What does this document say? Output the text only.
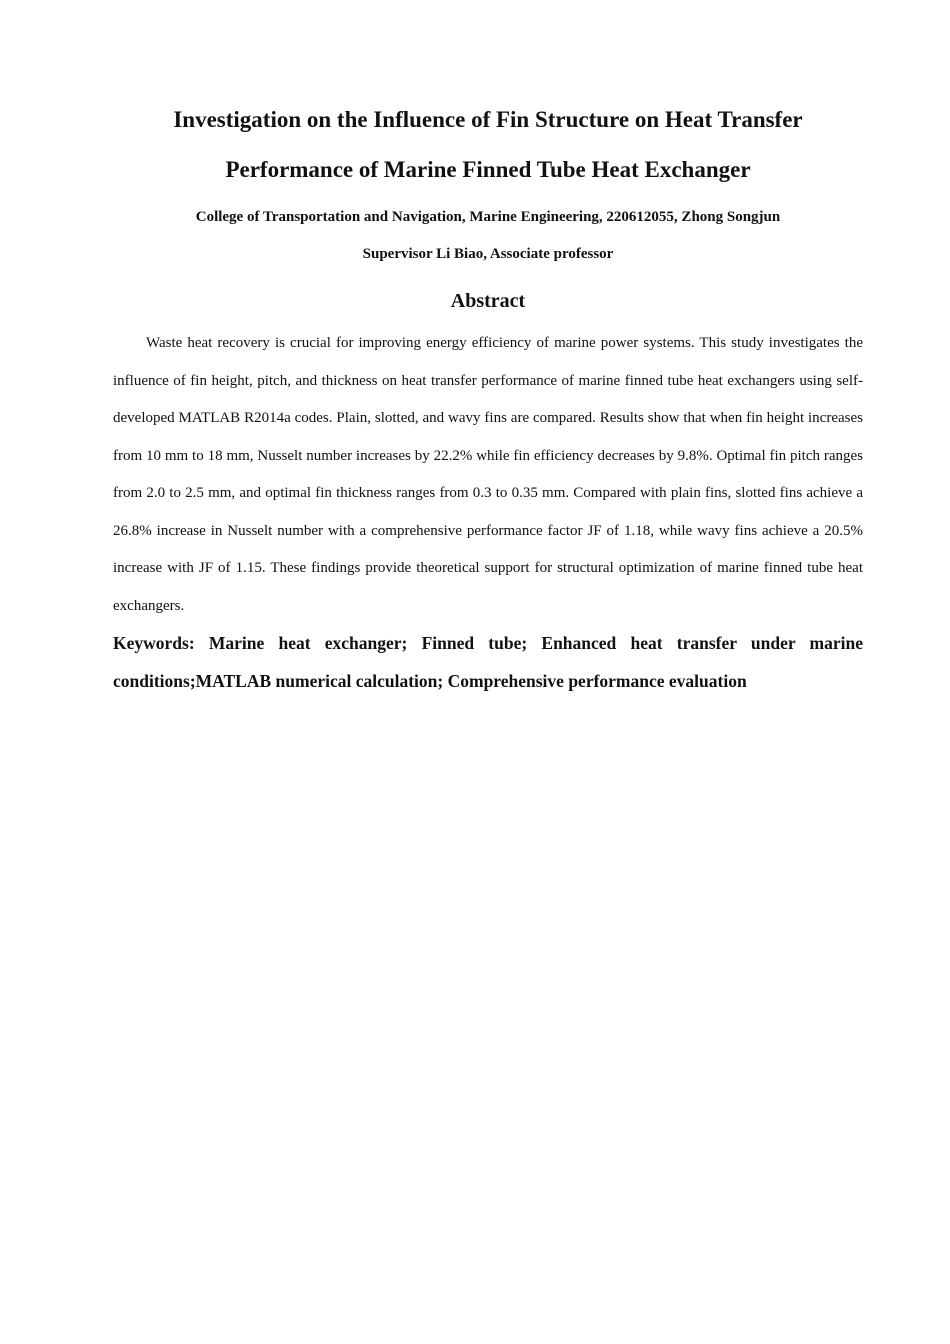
Investigation on the Influence of Fin Structure on Heat Transfer
Performance of Marine Finned Tube Heat Exchanger

College of Transportation and Navigation, Marine Engineering, 220612055, Zhong Songjun

Supervisor Li Biao, Associate professor

Abstract

Waste heat recovery is crucial for improving energy efficiency of marine power systems. This study investigates the influence of fin height, pitch, and thickness on heat transfer performance of marine finned tube heat exchangers using self-developed MATLAB R2014a codes. Plain, slotted, and wavy fins are compared. Results show that when fin height increases from 10 mm to 18 mm, Nusselt number increases by 22.2% while fin efficiency decreases by 9.8%. Optimal fin pitch ranges from 2.0 to 2.5 mm, and optimal fin thickness ranges from 0.3 to 0.35 mm. Compared with plain fins, slotted fins achieve a 26.8% increase in Nusselt number with a comprehensive performance factor JF of 1.18, while wavy fins achieve a 20.5% increase with JF of 1.15. These findings provide theoretical support for structural optimization of marine finned tube heat exchangers.

Keywords: Marine heat exchanger; Finned tube; Enhanced heat transfer under marine conditions;MATLAB numerical calculation; Comprehensive performance evaluation
